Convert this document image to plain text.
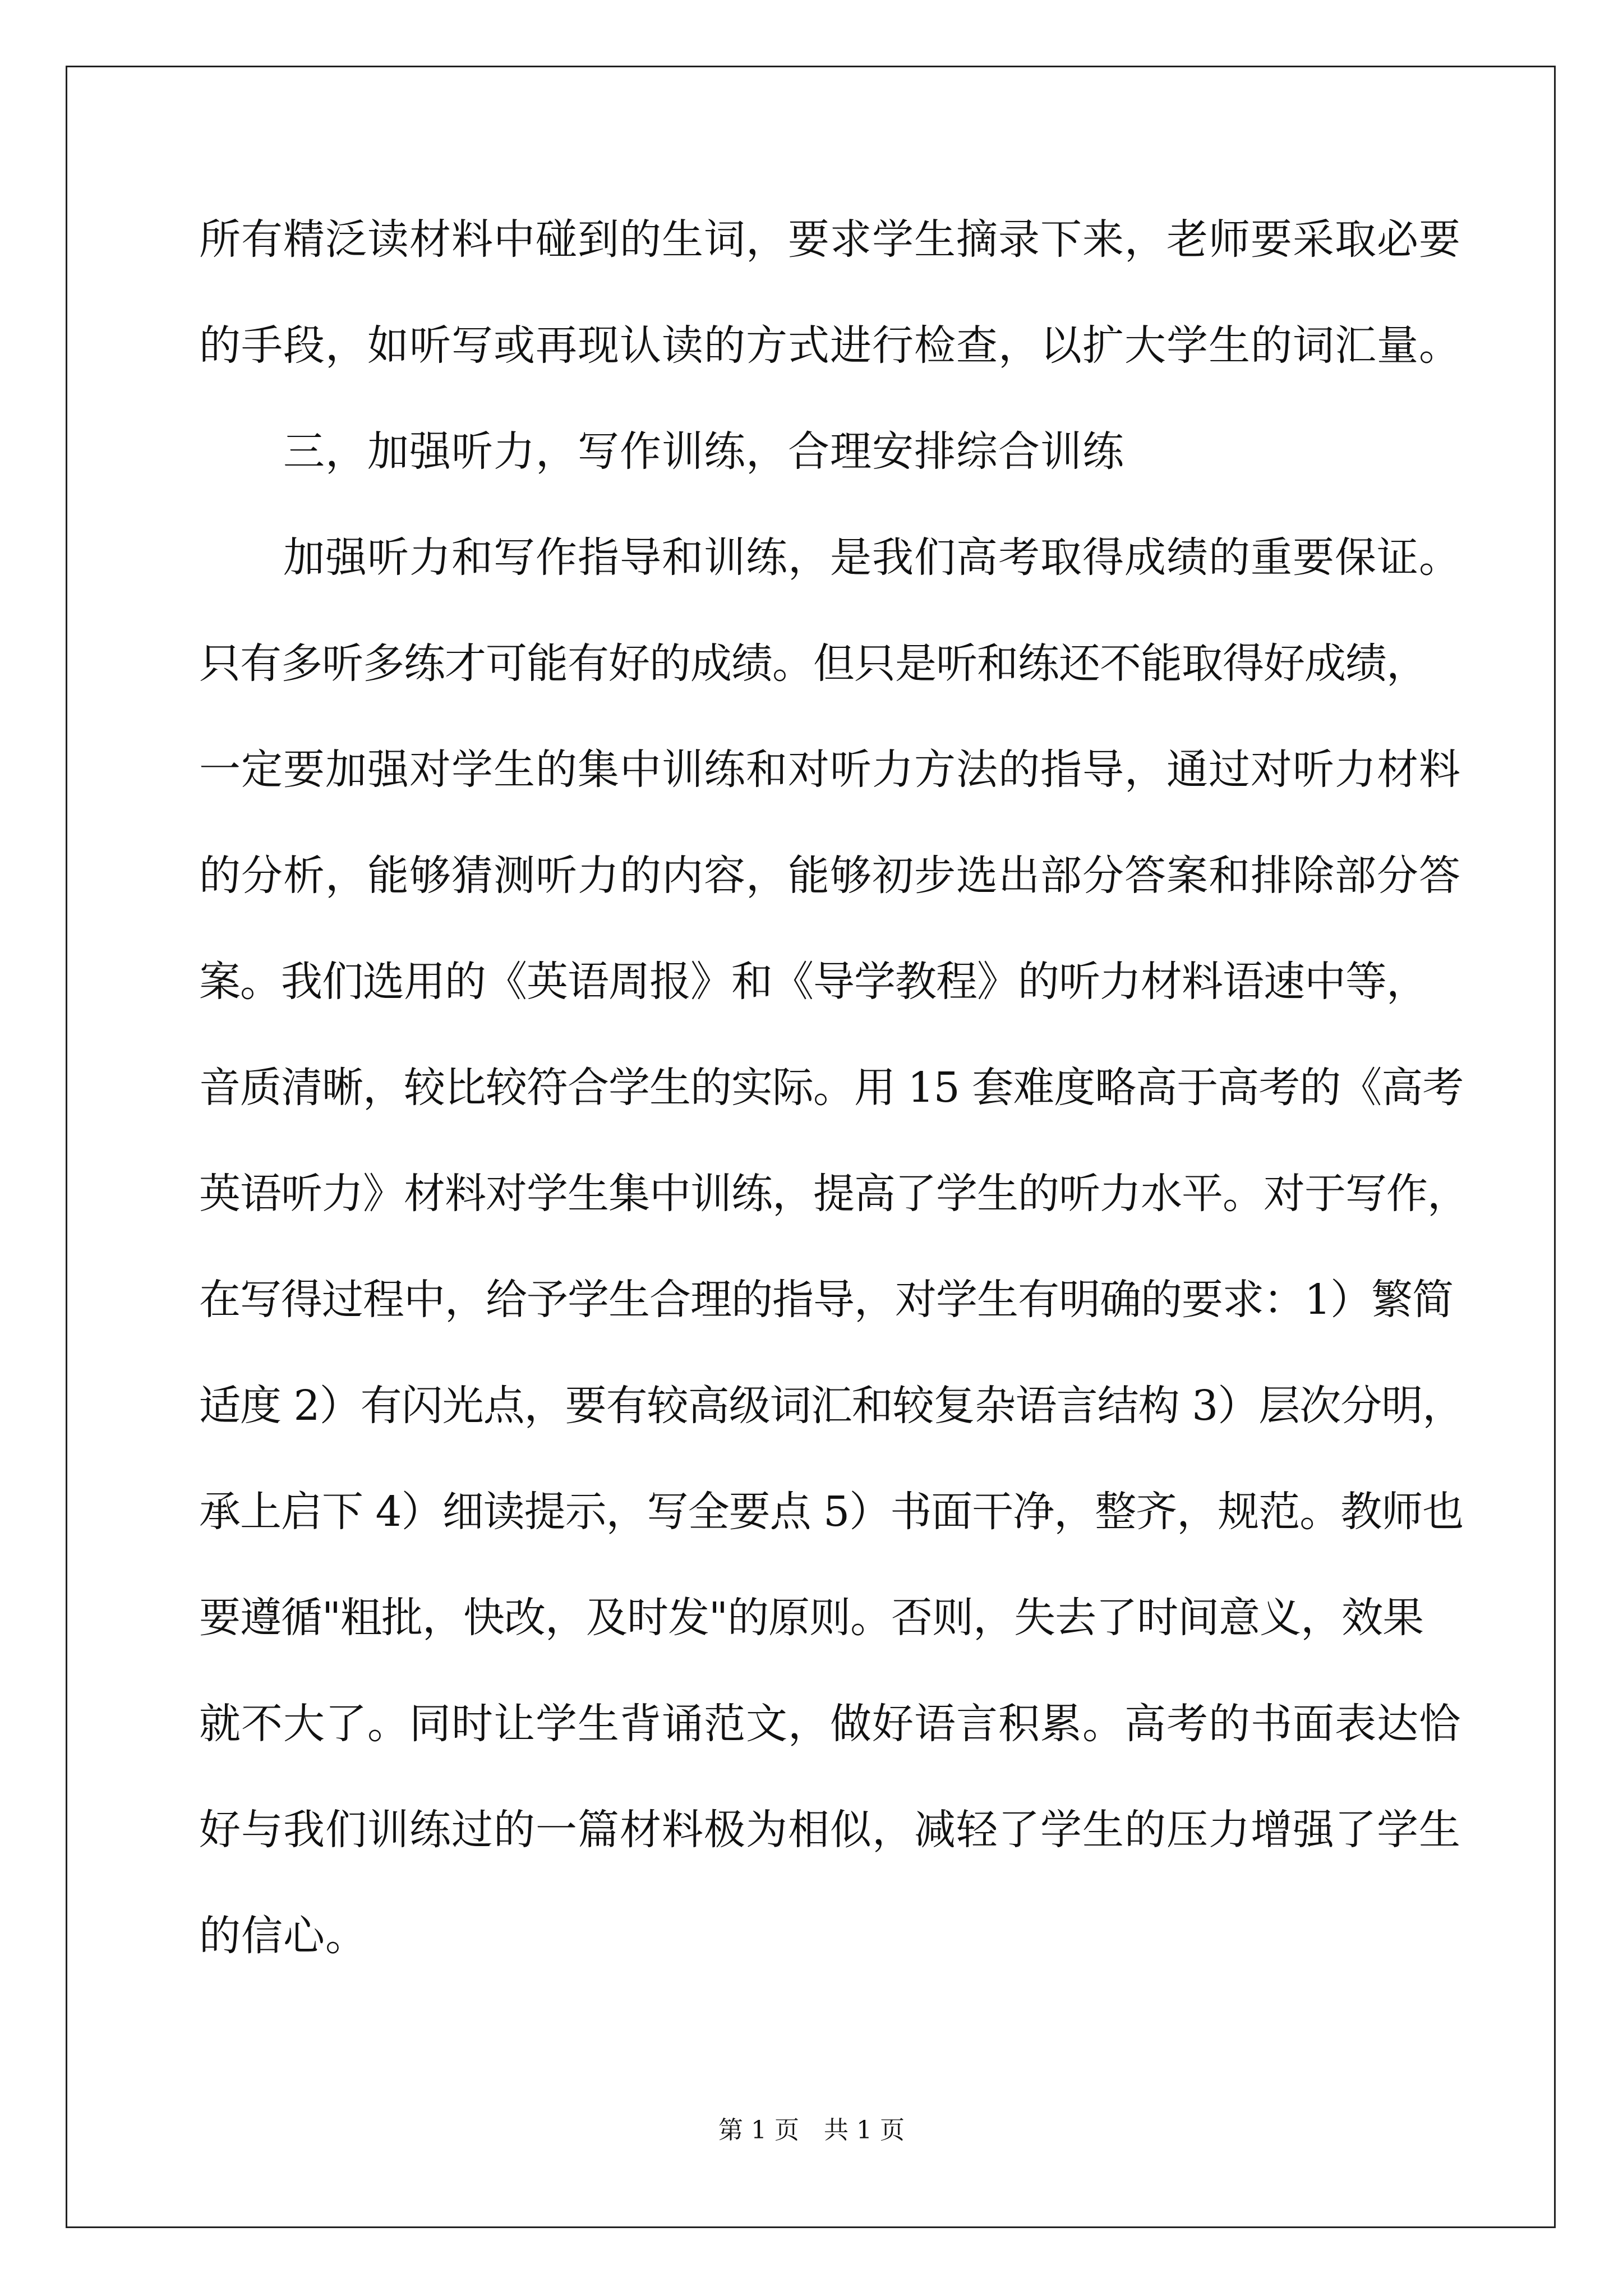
所有精泛读材料中碰到的生词，要求学生摘录下来，老师要采取必要
的手段，如听写或再现认读的方式进行检查，以扩大学生的词汇量。
三，加强听力，写作训练，合理安排综合训练
加强听力和写作指导和训练，是我们高考取得成绩的重要保证。
只有多听多练才可能有好的成绩。但只是听和练还不能取得好成绩，
一定要加强对学生的集中训练和对听力方法的指导，通过对听力材料
的分析，能够猜测听力的内容，能够初步选出部分答案和排除部分答
案。我们选用的《英语周报》和《导学教程》的听力材料语速中等，
音质清晰，较比较符合学生的实际。用 15 套难度略高于高考的《高考
英语听力》材料对学生集中训练，提高了学生的听力水平。对于写作，
在写得过程中，给予学生合理的指导，对学生有明确的要求：1）繁简
适度 2）有闪光点，要有较高级词汇和较复杂语言结构 3）层次分明，
承上启下 4）细读提示，写全要点 5）书面干净，整齐，规范。教师也
要遵循"粗批，快改，及时发"的原则。否则，失去了时间意义，效果
就不大了。同时让学生背诵范文，做好语言积累。高考的书面表达恰
好与我们训练过的一篇材料极为相似，减轻了学生的压力增强了学生
的信心。
第 1 页　共 1 页
